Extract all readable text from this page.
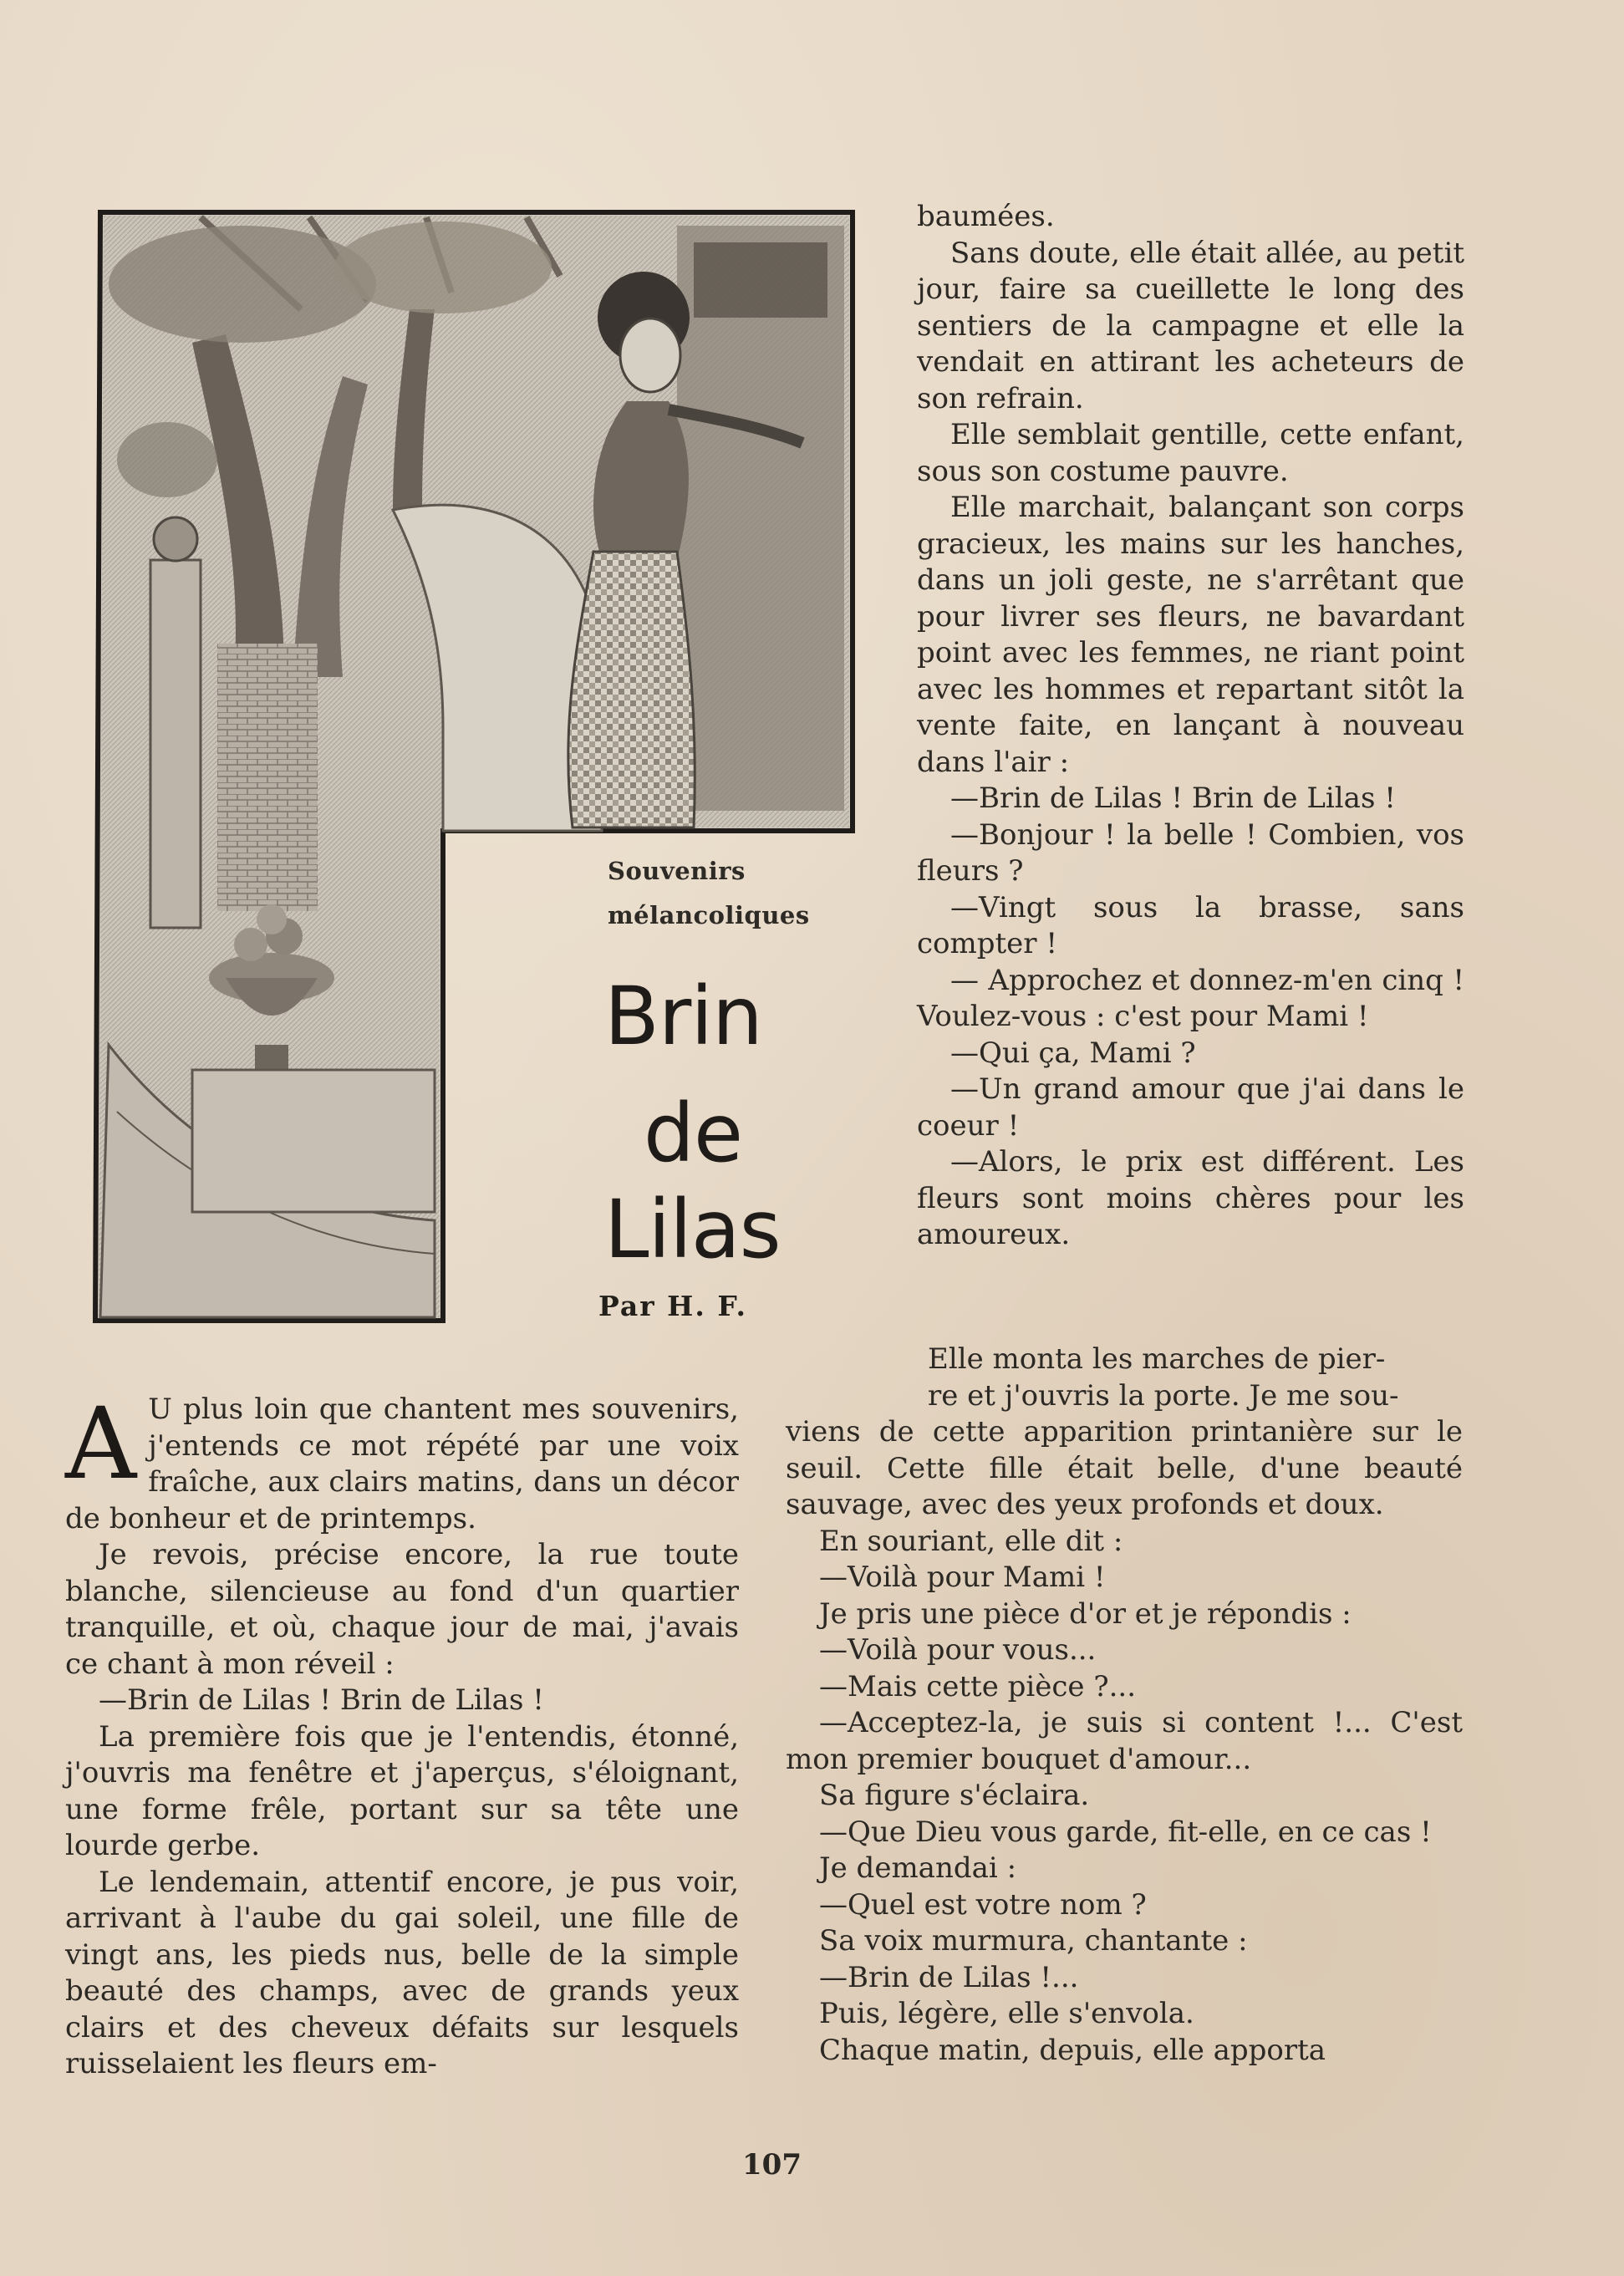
Souvenirs
mélancoliques
Brin
de
Lilas
Par H. F.

baumées.

Sans doute, elle était allée, au petit jour, faire sa cueillette le long des sentiers de la campagne et elle la vendait en attirant les acheteurs de son refrain.

Elle semblait gentille, cette enfant, sous son costume pauvre.

Elle marchait, balançant son corps gracieux, les mains sur les hanches, dans un joli geste, ne s'arrêtant que pour livrer ses fleurs, ne bavardant point avec les femmes, ne riant point avec les hommes et repartant sitôt la vente faite, en lançant à nouveau dans l'air :

—Brin de Lilas ! Brin de Lilas !

—Bonjour ! la belle ! Combien, vos fleurs ?

—Vingt sous la brasse, sans compter !

— Approchez et donnez-m'en cinq ! Voulez-vous : c'est pour Mami !

—Qui ça, Mami ?

—Un grand amour que j'ai dans le coeur !

—Alors, le prix est différent. Les fleurs sont moins chères pour les amoureux.

A U plus loin que chantent mes souvenirs, j'entends ce mot répété par une voix fraîche, aux clairs matins, dans un décor de bonheur et de printemps.

Je revois, précise encore, la rue toute blanche, silencieuse au fond d'un quartier tranquille, et où, chaque jour de mai, j'avais ce chant à mon réveil :

—Brin de Lilas ! Brin de Lilas !

La première fois que je l'entendis, étonné, j'ouvris ma fenêtre et j'aperçus, s'éloignant, une forme frêle, portant sur sa tête une lourde gerbe.

Le lendemain, attentif encore, je pus voir, arrivant à l'aube du gai soleil, une fille de vingt ans, les pieds nus, belle de la simple beauté des champs, avec de grands yeux clairs et des cheveux défaits sur lesquels ruisselaient les fleurs em-

Elle monta les marches de pier-
re et j'ouvris la porte. Je me sou-

viens de cette apparition printanière sur le seuil. Cette fille était belle, d'une beauté sauvage, avec des yeux profonds et doux.

En souriant, elle dit :

—Voilà pour Mami !

Je pris une pièce d'or et je répondis :

—Voilà pour vous...

—Mais cette pièce ?...

—Acceptez-la, je suis si content !... C'est mon premier bouquet d'amour...

Sa figure s'éclaira.

—Que Dieu vous garde, fit-elle, en ce cas !

Je demandai :

—Quel est votre nom ?

Sa voix murmura, chantante :

—Brin de Lilas !...

Puis, légère, elle s'envola.

Chaque matin, depuis, elle apporta

107
